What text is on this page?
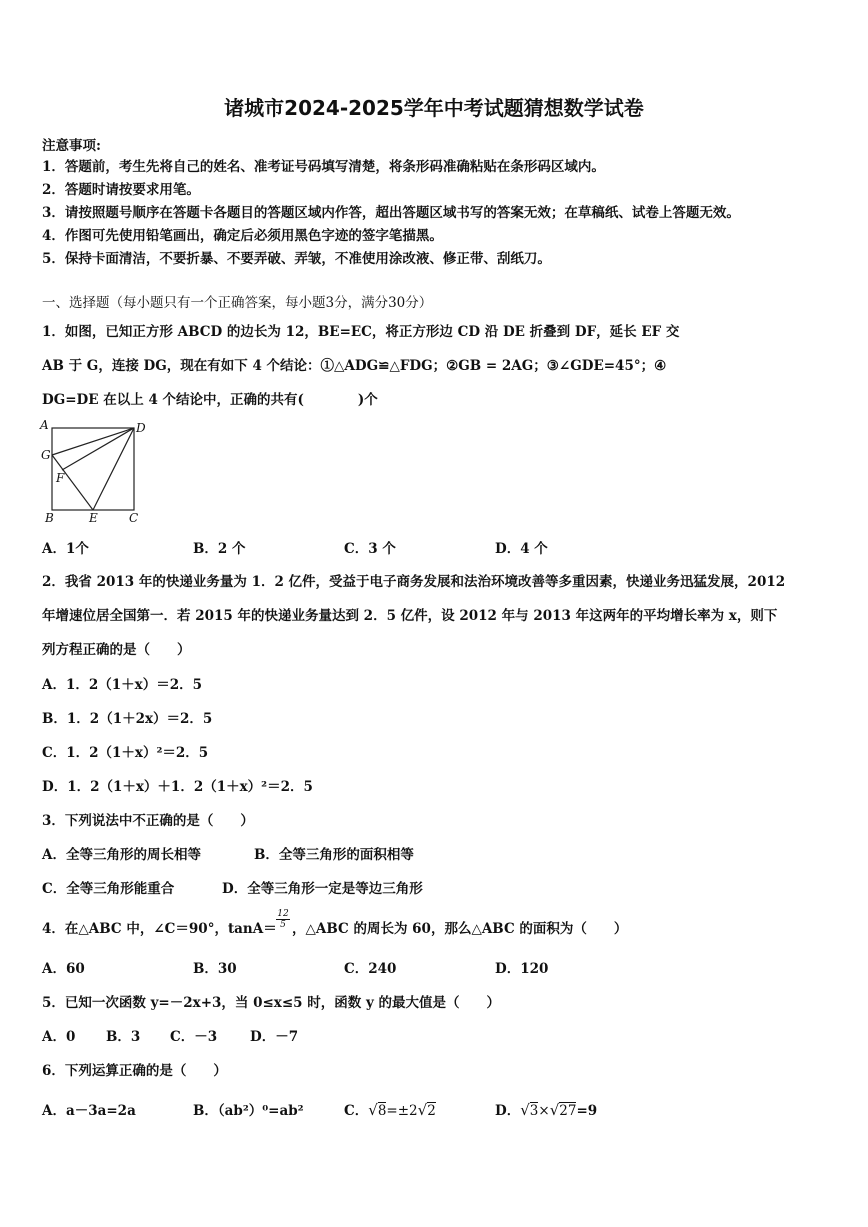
诸城市2024-2025学年中考试题猜想数学试卷
注意事项:
1．答题前，考生先将自己的姓名、准考证号码填写清楚，将条形码准确粘贴在条形码区域内。
2．答题时请按要求用笔。
3．请按照题号顺序在答题卡各题目的答题区域内作答，超出答题区域书写的答案无效；在草稿纸、试卷上答题无效。
4．作图可先使用铅笔画出，确定后必须用黑色字迹的签字笔描黑。
5．保持卡面清洁，不要折暴、不要弄破、弄皱，不准使用涂改液、修正带、刮纸刀。
一、选择题（每小题只有一个正确答案，每小题3分，满分30分）
1．如图，已知正方形 ABCD 的边长为 12，BE=EC，将正方形边 CD 沿 DE 折叠到 DF，延长 EF 交
AB 于 G，连接 DG，现在有如下 4 个结论：①△ADG≌△FDG；②GB = 2AG；③∠GDE=45°；④
DG=DE 在以上 4 个结论中，正确的共有(　　　　)个
A	D
G
F
B	E	C
A．1个	B．2 个	C．3 个	D．4 个
2．我省 2013 年的快递业务量为 1．2 亿件，受益于电子商务发展和法治环境改善等多重因素，快递业务迅猛发展，2012
年增速位居全国第一．若 2015 年的快递业务量达到 2．5 亿件，设 2012 年与 2013 年这两年的平均增长率为 x，则下
列方程正确的是（　　）
A．1．2（1＋x）＝2．5
B．1．2（1＋2x）＝2．5
C．1．2（1＋x）²＝2．5
D．1．2（1＋x）＋1．2（1＋x）²＝2．5
3．下列说法中不正确的是（　　）
A．全等三角形的周长相等	B．全等三角形的面积相等
C．全等三角形能重合	D．全等三角形一定是等边三角形
4．在△ABC 中，∠C＝90°，$\tan A= \frac{12}{5}$ ，△ABC 的周长为 60，那么△ABC 的面积为（　　）
A．60	B．30	C．240	D．120
5．已知一次函数 y=－2x+3，当 0≤x≤5 时，函数 y 的最大值是（　　）
A．0 B．3 C．－3 D．－7
6．下列运算正确的是（　　）
A．a－3a=2a	B．（ab²）⁰=ab²	C．√8=±2√2	D．√3×√27=9
